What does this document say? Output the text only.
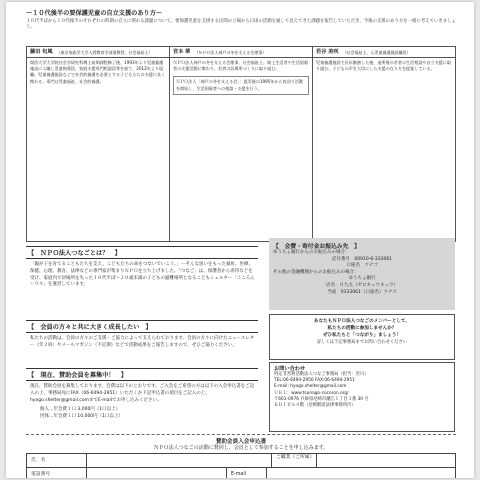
〜１０代後半の要保護児童の自立支援のあり方〜
１０代半ばから１０代後半のそれぞれの時期の自立に関わる課題について、要保護児童を支援する民間の立場から日頃の活動を通して見えてきた課題を報告していただき、今後の支援のあり方を一緒に考えていきましょう。
藤田 旬風 （東京家政学大学人間教育学部准教授、社会福祉士）

関西大学大学院社会学研究科博士前期課程修了後、1993年より児童養護施設に入職し児童指導員、家庭支援専門相談員等を経て、2012年より現職。児童養護施設などで社会的養護を必要とする子どもたちの支援に長く携わる。専門は児童福祉、社会的養護。

宮本 華 （ＮＰＯ法人神戸の冬を支える会理事）

ＮＰＯ法人神戸の冬を支える会理事、社会福祉士。路上生活者や生活困窮者の支援活動に携わり、若者の居場所づくりに取り組む。

ＮＰＯ法人「神戸の冬を支える会」：震災後の1995年から夜回り活動を開始し、生活困窮者への相談・支援を行う。
若谷 美咲 （社会福祉士、元児童養護施設職員）

児童養護施設で長年勤務した後、退所後の若者の生活相談や自立支援に取り組む。子どもの声を大切にした支援の在り方を提案している。

【　ＮＰＯ法人つなごとは？　】
「親が子を育てることもたちを支え、こどもたちの命をつないでいこう。」ーそんな思いをもった福祉、医療、保健、心理、教育、法律などの専門家が集まりＮＰＯを立ち上げました。「つなご」は、保護者から虐待などを受け、家庭内で居場所を失った１０代半ば〜２０歳未満の子どもの避難場所となるこどもシェルター「こころんハウス」を運営しています。
【　会員の方々と共に大きく成長したい　】
私たちの活動は、会員の方々のご支援・ご協力によって支えられております。会員の方々に向けたニュースレター（年２回）やメールマガジン（不定期）などで活動成果をご報告しますので、ぜひご協力ください。
【　現在、賛助会員を募集中！　】
現在、賛助会員を募集しております。会費は以下のとおりです。ご入会をご希望の方は以下の入会申込書をご記入の上、事務局宛にFAX（06-6494-2951）いただくか下記申込書の項目をご記入の上、hyogo.shelter@gmail.comまでE-mailでお申し込みください。
個人…年会費１口 3,000円（1口以上）
団体…年会費１口 10,000円（1口以上）
【　会費・寄付金お振込み先　】
ゆうちょ銀行からのお振込みの場合：
記号番号　00910-6-333061
口座名　ツナゴ
その他の金融機関からのお振込みの場合：
ゆうちょ銀行
店名：０九九（ゼロキュウキュウ）
当座　0333061（口座名）ツナゴ
あなたもＮＰＯ法人つなごのメンバーとして、
私たちの活動に参加しませんか？
ぜひ私たちと「つながり」ましょう！
詳しくは下記事務局までお問い合わせください
お問い合わせ
特定非営利活動法人つなご事務局（担当：宮川）
TEL:06-6494-2950 FAX:06-6494-2951
E-mail: hyogo.shelter@gmail.com
ＵＲＬ：www.tsunago-cocoron.org/
〒661-0976 兵庫県尼崎市潮江１丁目３番 30 号
ＫＤＩビル４階（尼崎駅前法律事務所内）
賛助会員入会申込書
ＮＰＯ法人つなごの活動に賛同し、会員として参加することを申し込みます。
氏　名
ご職業（ご所属）
電話番号	E-mail
